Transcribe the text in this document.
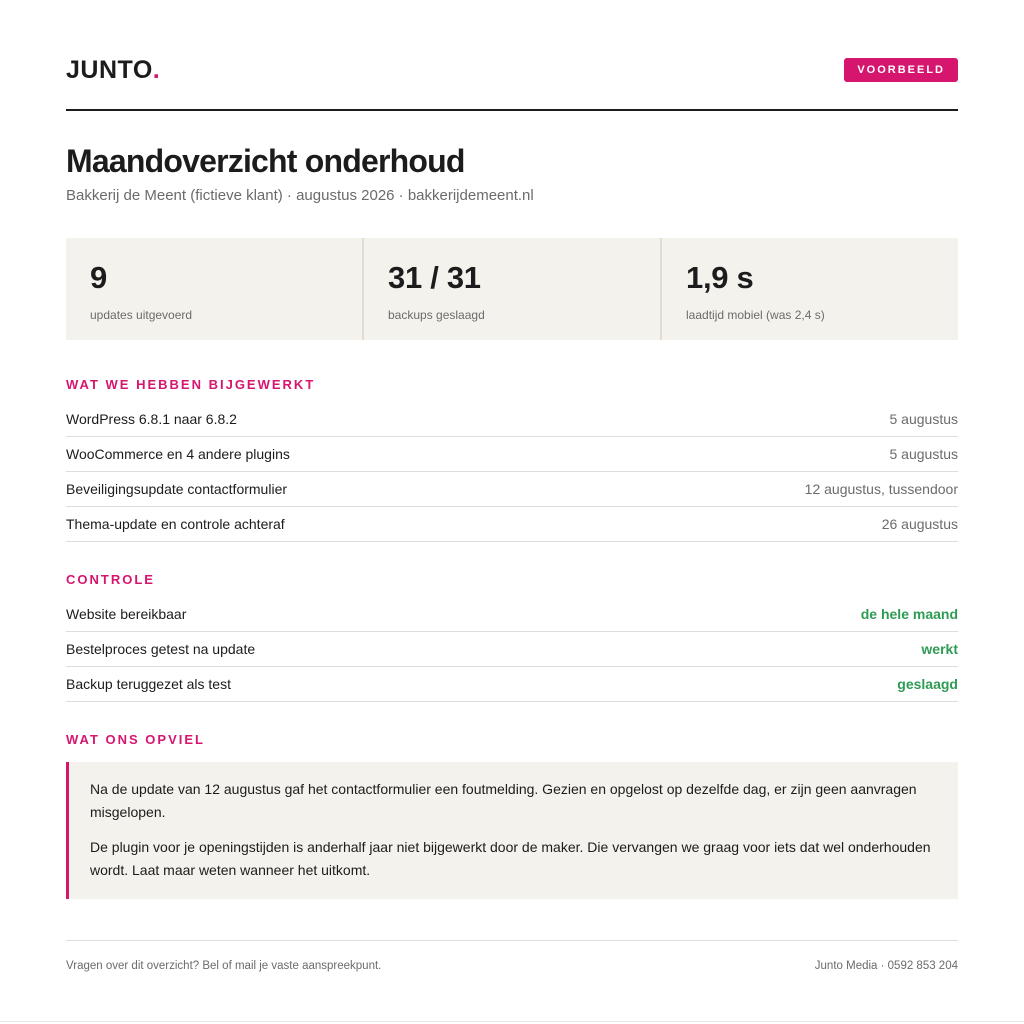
JUNTO.	VOORBEELD
Maandoverzicht onderhoud
Bakkerij de Meent (fictieve klant) · augustus 2026 · bakkerijdemeent.nl
9
updates uitgevoerd
31 / 31
backups geslaagd
1,9 s
laadtijd mobiel (was 2,4 s)
WAT WE HEBBEN BIJGEWERKT
WordPress 6.8.1 naar 6.8.2	5 augustus
WooCommerce en 4 andere plugins	5 augustus
Beveiligingsupdate contactformulier	12 augustus, tussendoor
Thema-update en controle achteraf	26 augustus
CONTROLE
Website bereikbaar	de hele maand
Bestelproces getest na update	werkt
Backup teruggezet als test	geslaagd
WAT ONS OPVIEL

Na de update van 12 augustus gaf het contactformulier een foutmelding. Gezien en opgelost op dezelfde dag, er zijn geen aanvragen misgelopen.

De plugin voor je openingstijden is anderhalf jaar niet bijgewerkt door de maker. Die vervangen we graag voor iets dat wel onderhouden wordt. Laat maar weten wanneer het uitkomt.

Vragen over dit overzicht? Bel of mail je vaste aanspreekpunt.	Junto Media · 0592 853 204
